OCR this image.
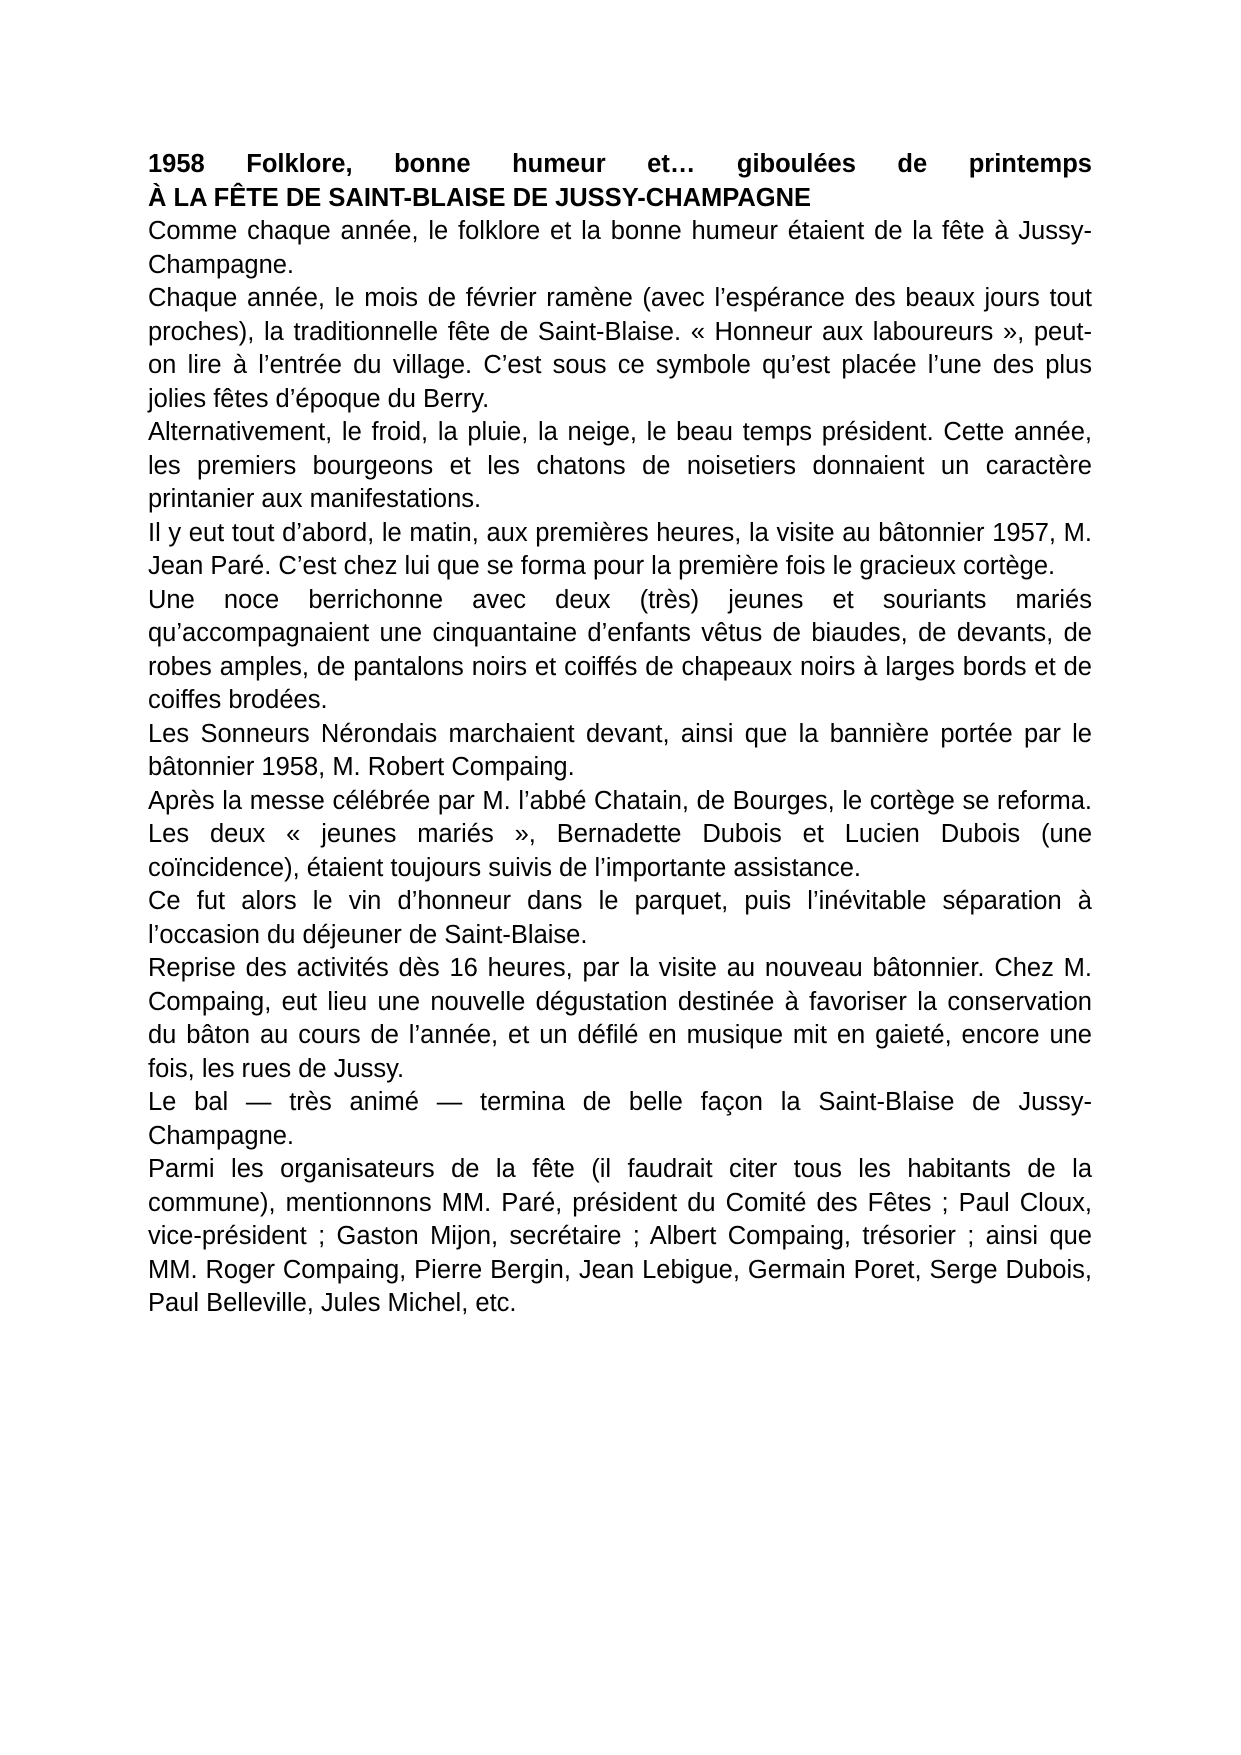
1958 Folklore, bonne humeur et… giboulées de printemps
À LA FÊTE DE SAINT-BLAISE DE JUSSY-CHAMPAGNE

Comme chaque année, le folklore et la bonne humeur étaient de la fête à Jussy-Champagne.

Chaque année, le mois de février ramène (avec l’espérance des beaux jours tout proches), la traditionnelle fête de Saint-Blaise. « Honneur aux laboureurs », peut-on lire à l’entrée du village. C’est sous ce symbole qu’est placée l’une des plus jolies fêtes d’époque du Berry.

Alternativement, le froid, la pluie, la neige, le beau temps président. Cette année, les premiers bourgeons et les chatons de noisetiers donnaient un caractère printanier aux manifestations.

Il y eut tout d’abord, le matin, aux premières heures, la visite au bâtonnier 1957, M. Jean Paré. C’est chez lui que se forma pour la première fois le gracieux cortège.

Une noce berrichonne avec deux (très) jeunes et souriants mariés qu’accompagnaient une cinquantaine d’enfants vêtus de biaudes, de devants, de robes amples, de pantalons noirs et coiffés de chapeaux noirs à larges bords et de coiffes brodées.

Les Sonneurs Nérondais marchaient devant, ainsi que la bannière portée par le bâtonnier 1958, M. Robert Compaing.

Après la messe célébrée par M. l’abbé Chatain, de Bourges, le cortège se reforma. Les deux « jeunes mariés », Bernadette Dubois et Lucien Dubois (une coïncidence), étaient toujours suivis de l’importante assistance.

Ce fut alors le vin d’honneur dans le parquet, puis l’inévitable séparation à l’occasion du déjeuner de Saint-Blaise.

Reprise des activités dès 16 heures, par la visite au nouveau bâtonnier. Chez M. Compaing, eut lieu une nouvelle dégustation destinée à favoriser la conservation du bâton au cours de l’année, et un défilé en musique mit en gaieté, encore une fois, les rues de Jussy.

Le bal — très animé — termina de belle façon la Saint-Blaise de Jussy-Champagne.

Parmi les organisateurs de la fête (il faudrait citer tous les habitants de la commune), mentionnons MM. Paré, président du Comité des Fêtes ; Paul Cloux, vice-président ; Gaston Mijon, secrétaire ; Albert Compaing, trésorier ; ainsi que MM. Roger Compaing, Pierre Bergin, Jean Lebigue, Germain Poret, Serge Dubois, Paul Belleville, Jules Michel, etc.
